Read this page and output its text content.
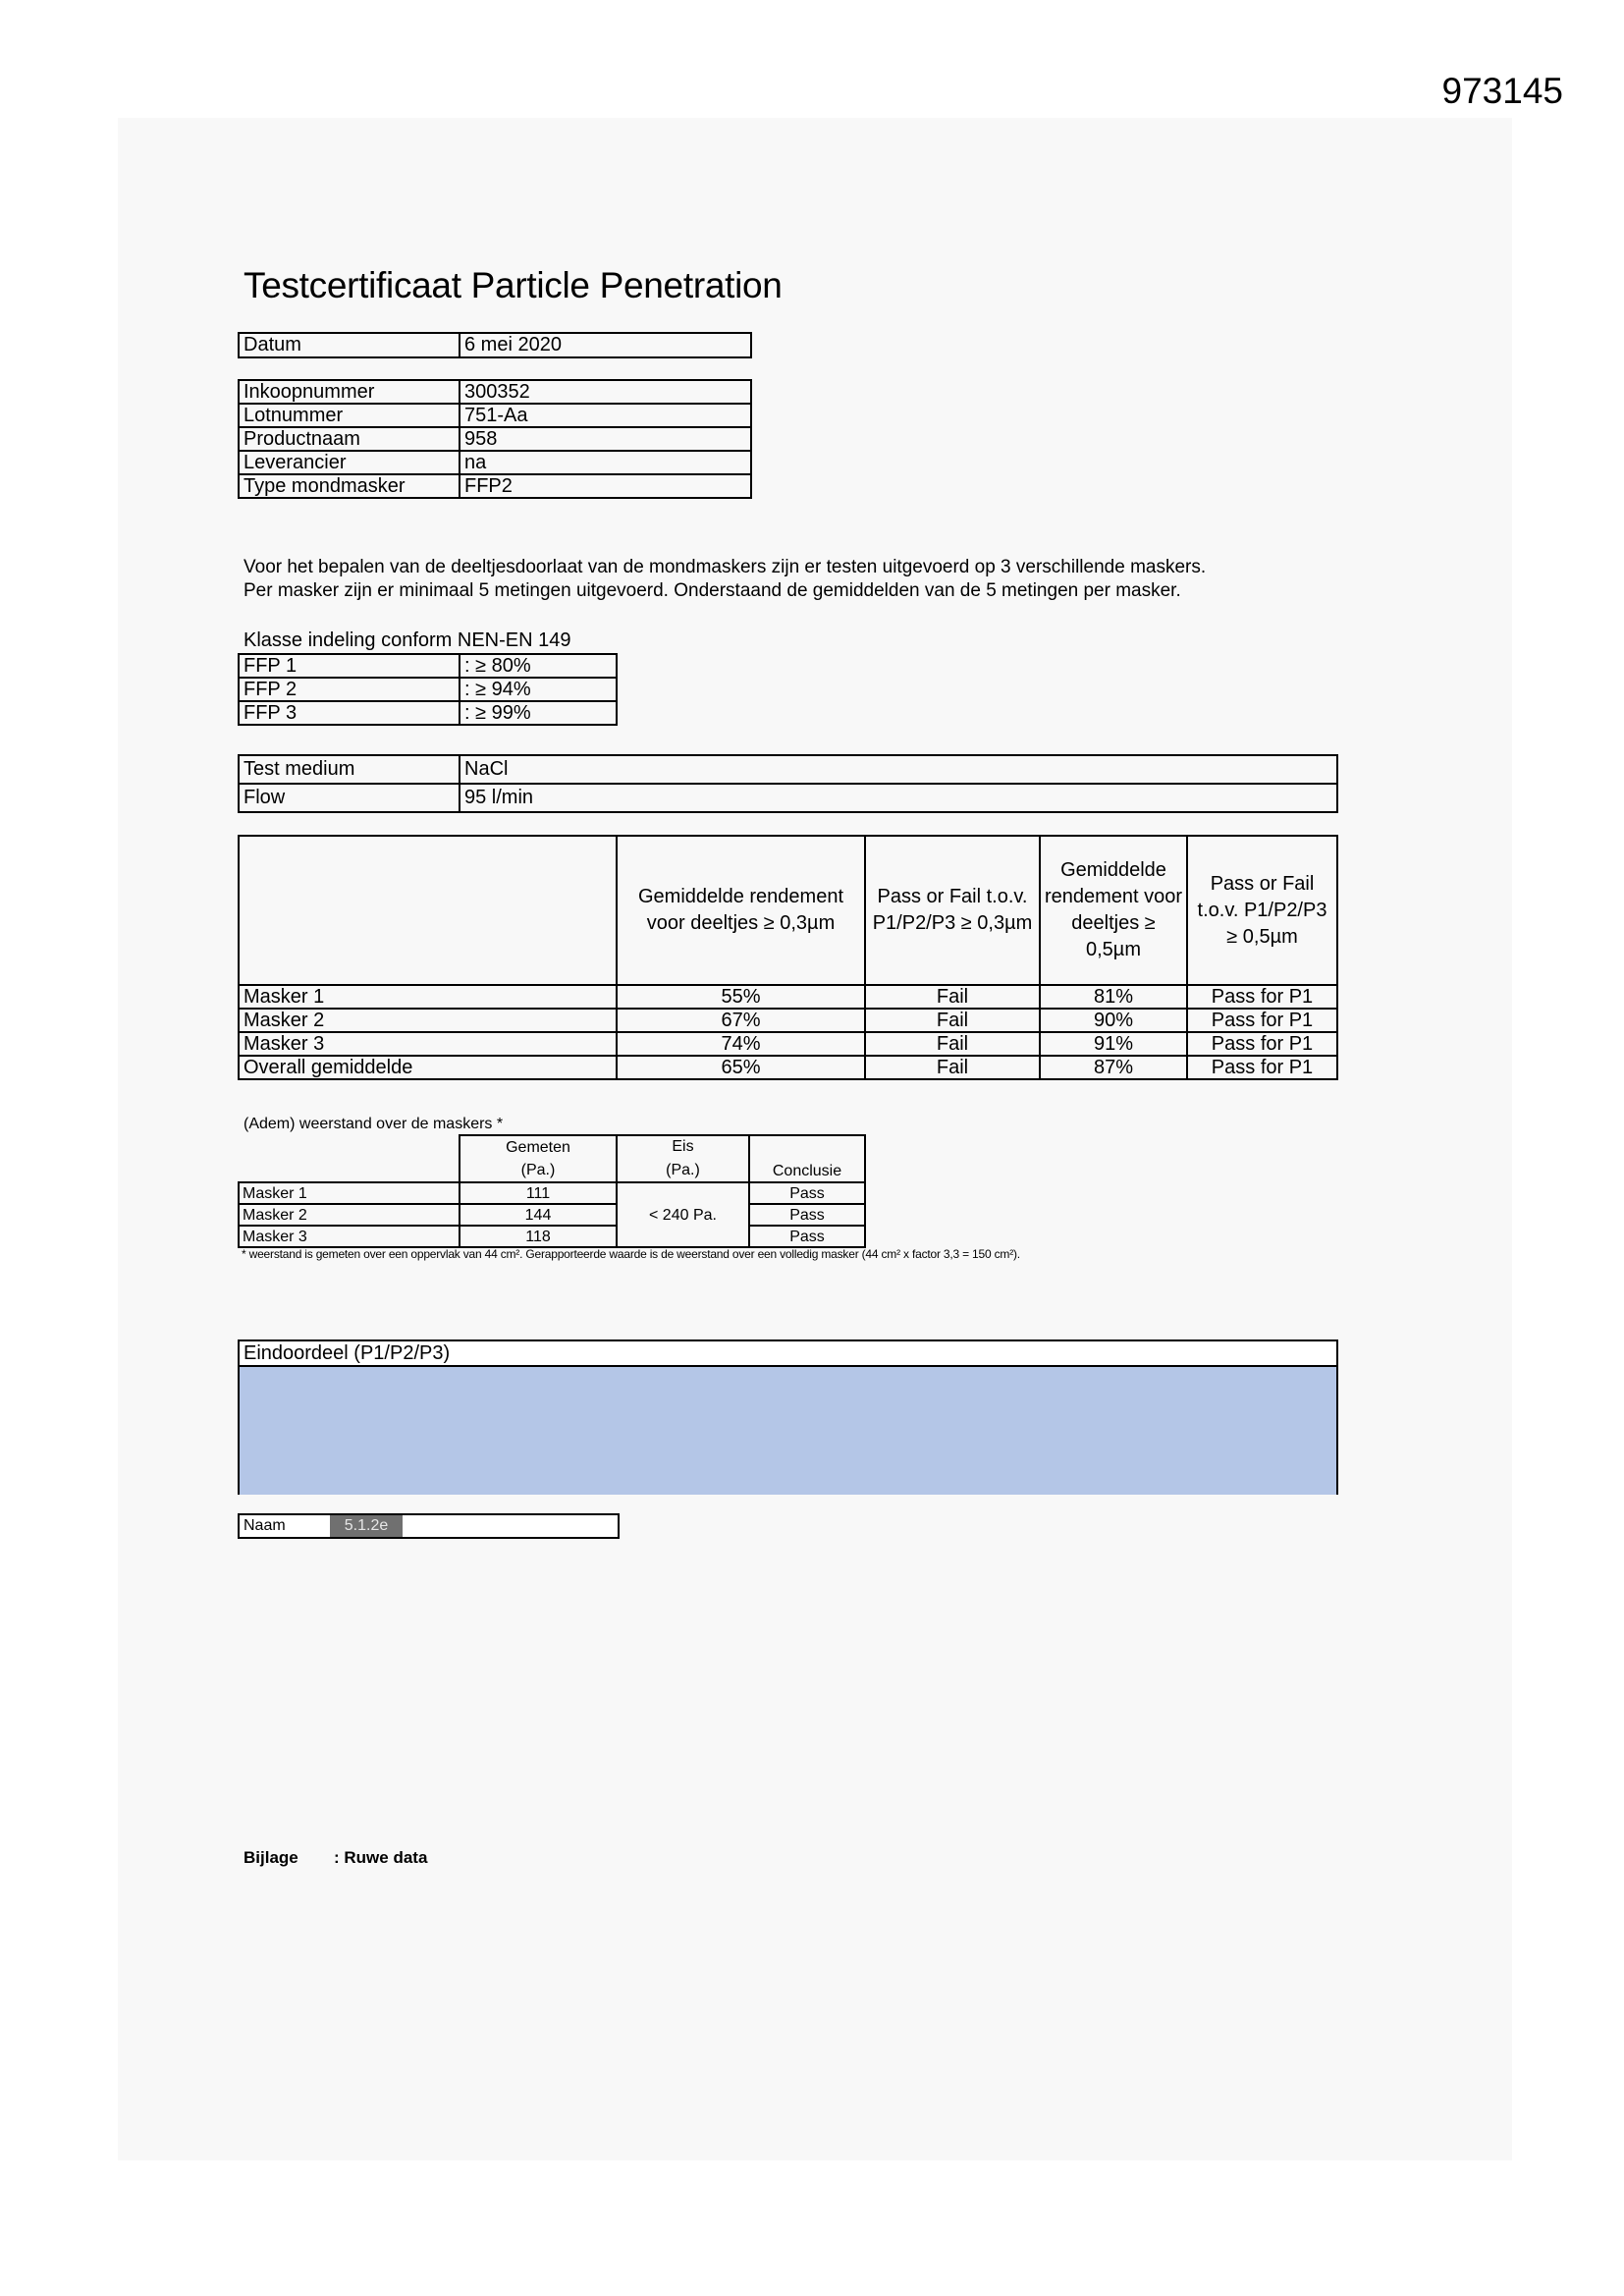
973145
Testcertificaat Particle Penetration
Datum	6 mei 2020
Inkoopnummer	300352
Lotnummer	751-Aa
Productnaam	958
Leverancier	na
Type mondmasker	FFP2
Voor het bepalen van de deeltjesdoorlaat van de mondmaskers zijn er testen uitgevoerd op 3 verschillende maskers.
Per masker zijn er minimaal 5 metingen uitgevoerd. Onderstaand de gemiddelden van de 5 metingen per masker.
Klasse indeling conform NEN-EN 149
FFP 1	: ≥ 80%
FFP 2	: ≥ 94%
FFP 3	: ≥ 99%
Test medium	NaCl
Flow	95 l/min
	Gemiddelde rendement voor deeltjes ≥ 0,3µm	Pass or Fail t.o.v. P1/P2/P3 ≥ 0,3µm	Gemiddelde rendement voor deeltjes ≥ 0,5µm	Pass or Fail t.o.v. P1/P2/P3 ≥ 0,5µm
Masker 1	55%	Fail	81%	Pass for P1
Masker 2	67%	Fail	90%	Pass for P1
Masker 3	74%	Fail	91%	Pass for P1
Overall gemiddelde	65%	Fail	87%	Pass for P1
(Adem) weerstand over de maskers *
	Gemeten	Eis	Conclusie
	(Pa.)	(Pa.)	
Masker 1	111	< 240 Pa.	Pass
Masker 2	144		Pass
Masker 3	118		Pass
* weerstand is gemeten over een oppervlak van 44 cm². Gerapporteerde waarde is de weerstand over een volledig masker (44 cm² x factor 3,3 = 150 cm²).
Eindoordeel (P1/P2/P3)
Naam	5.1.2e
Bijlage : Ruwe data
